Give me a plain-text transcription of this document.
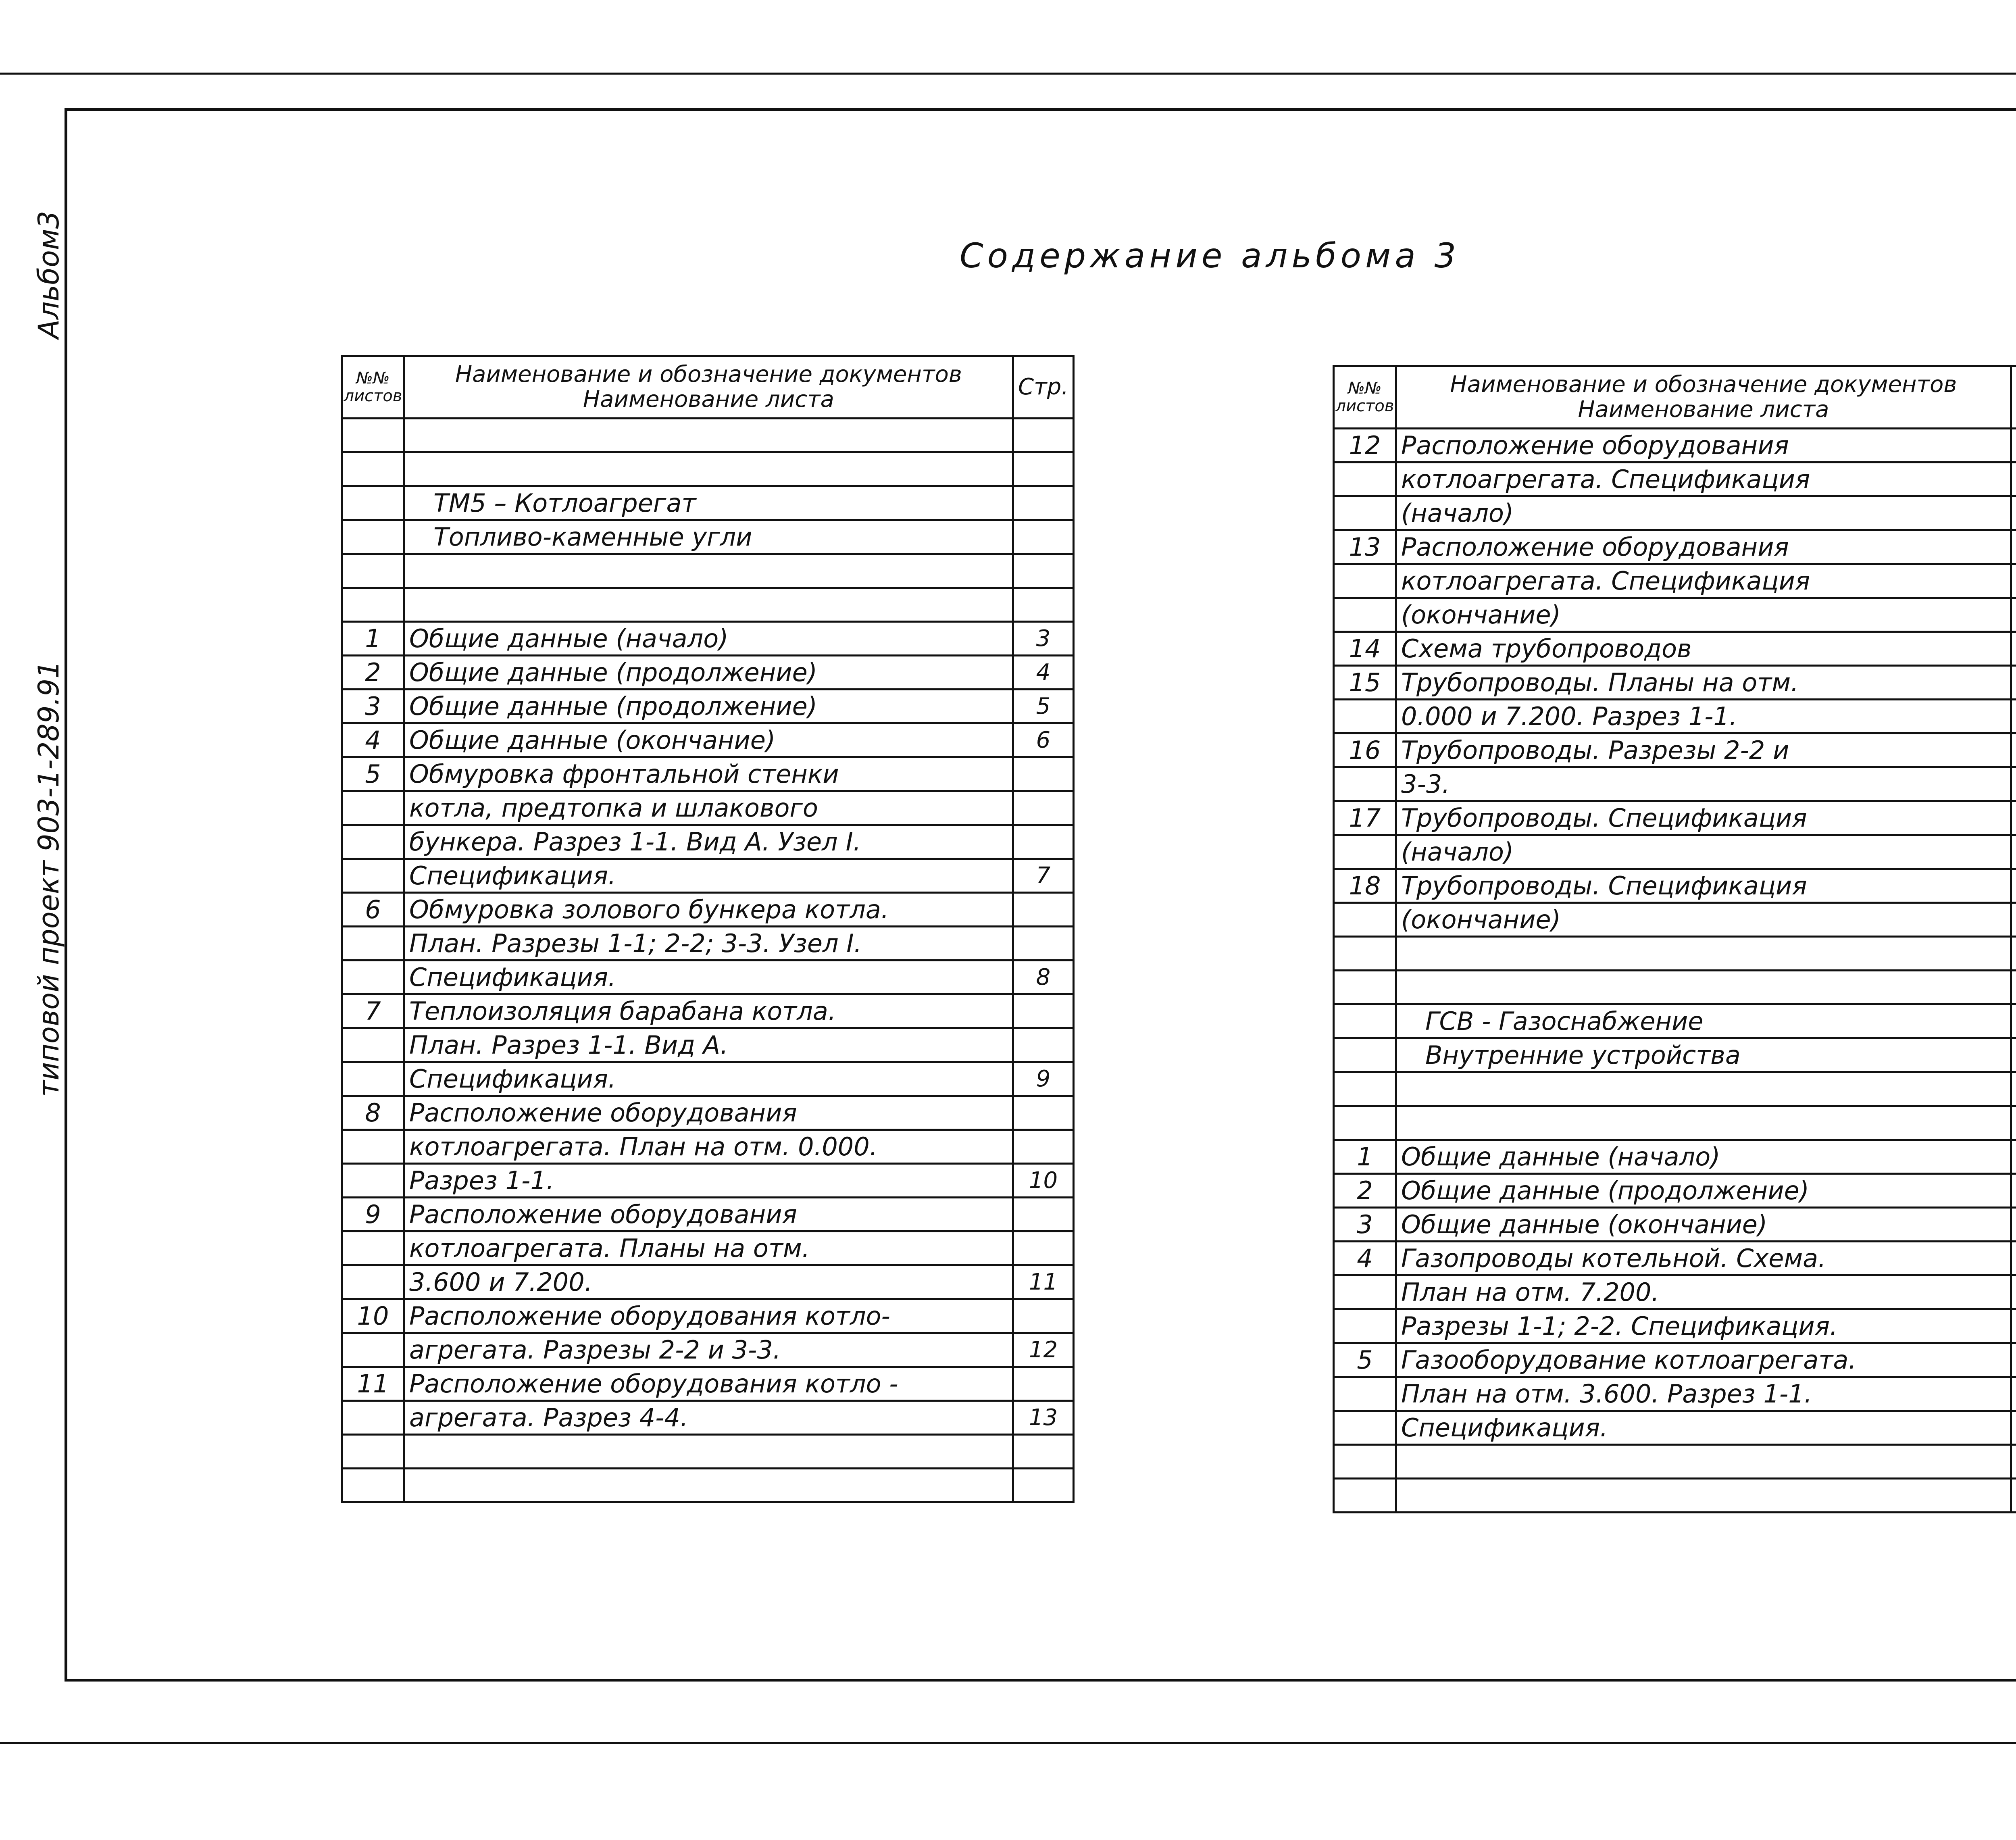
Альбом3
типовой проект 903-1-289.91
Содержание альбома 3
№№ листов	Наименование и обозначение документов
Наименование листа	Стр.

	ТМ5 – Котлоагрегат	
	Топливо-каменные угли	

1	Общие данные (начало)	3
2	Общие данные (продолжение)	4
3	Общие данные (продолжение)	5
4	Общие данные (окончание)	6
5	Обмуровка фронтальной стенки	
	котла, предтопка и шлакового	
	бункера. Разрез 1-1. Вид А. Узел I.	
	Спецификация.	7
6	Обмуровка золового бункера котла.	
	План. Разрезы 1-1; 2-2; 3-3. Узел I.	
	Спецификация.	8
7	Теплоизоляция барабана котла.	
	План. Разрез 1-1. Вид А.	
	Спецификация.	9
8	Расположение оборудования	
	котлоагрегата. План на отм. 0.000.	
	Разрез 1-1.	10
9	Расположение оборудования	
	котлоагрегата. Планы на отм.	
	3.600 и 7.200.	11
10	Расположение оборудования котло-	
	агрегата. Разрезы 2-2 и 3-3.	12
11	Расположение оборудования котло -	
	агрегата. Разрез 4-4.	13

№№ листов	Наименование и обозначение документов
Наименование листа

12	Расположение оборудования	
	котлоагрегата. Спецификация	
	(начало)	
13	Расположение оборудования	
	котлоагрегата. Спецификация	
	(окончание)	
14	Схема трубопроводов	
15	Трубопроводы. Планы на отм.	
	0.000 и 7.200. Разрез 1-1.	
16	Трубопроводы. Разрезы 2-2 и	
	3-3.	
17	Трубопроводы. Спецификация	
	(начало)	
18	Трубопроводы. Спецификация	
	(окончание)	

	ГСВ - Газоснабжение	
	Внутренние устройства	

1	Общие данные (начало)	
2	Общие данные (продолжение)	
3	Общие данные (окончание)	
4	Газопроводы котельной. Схема.	
	План на отм. 7.200.	
	Разрезы 1-1; 2-2. Спецификация.	
5	Газооборудование котлоагрегата.	
	План на отм. 3.600. Разрез 1-1.	
	Спецификация.	
